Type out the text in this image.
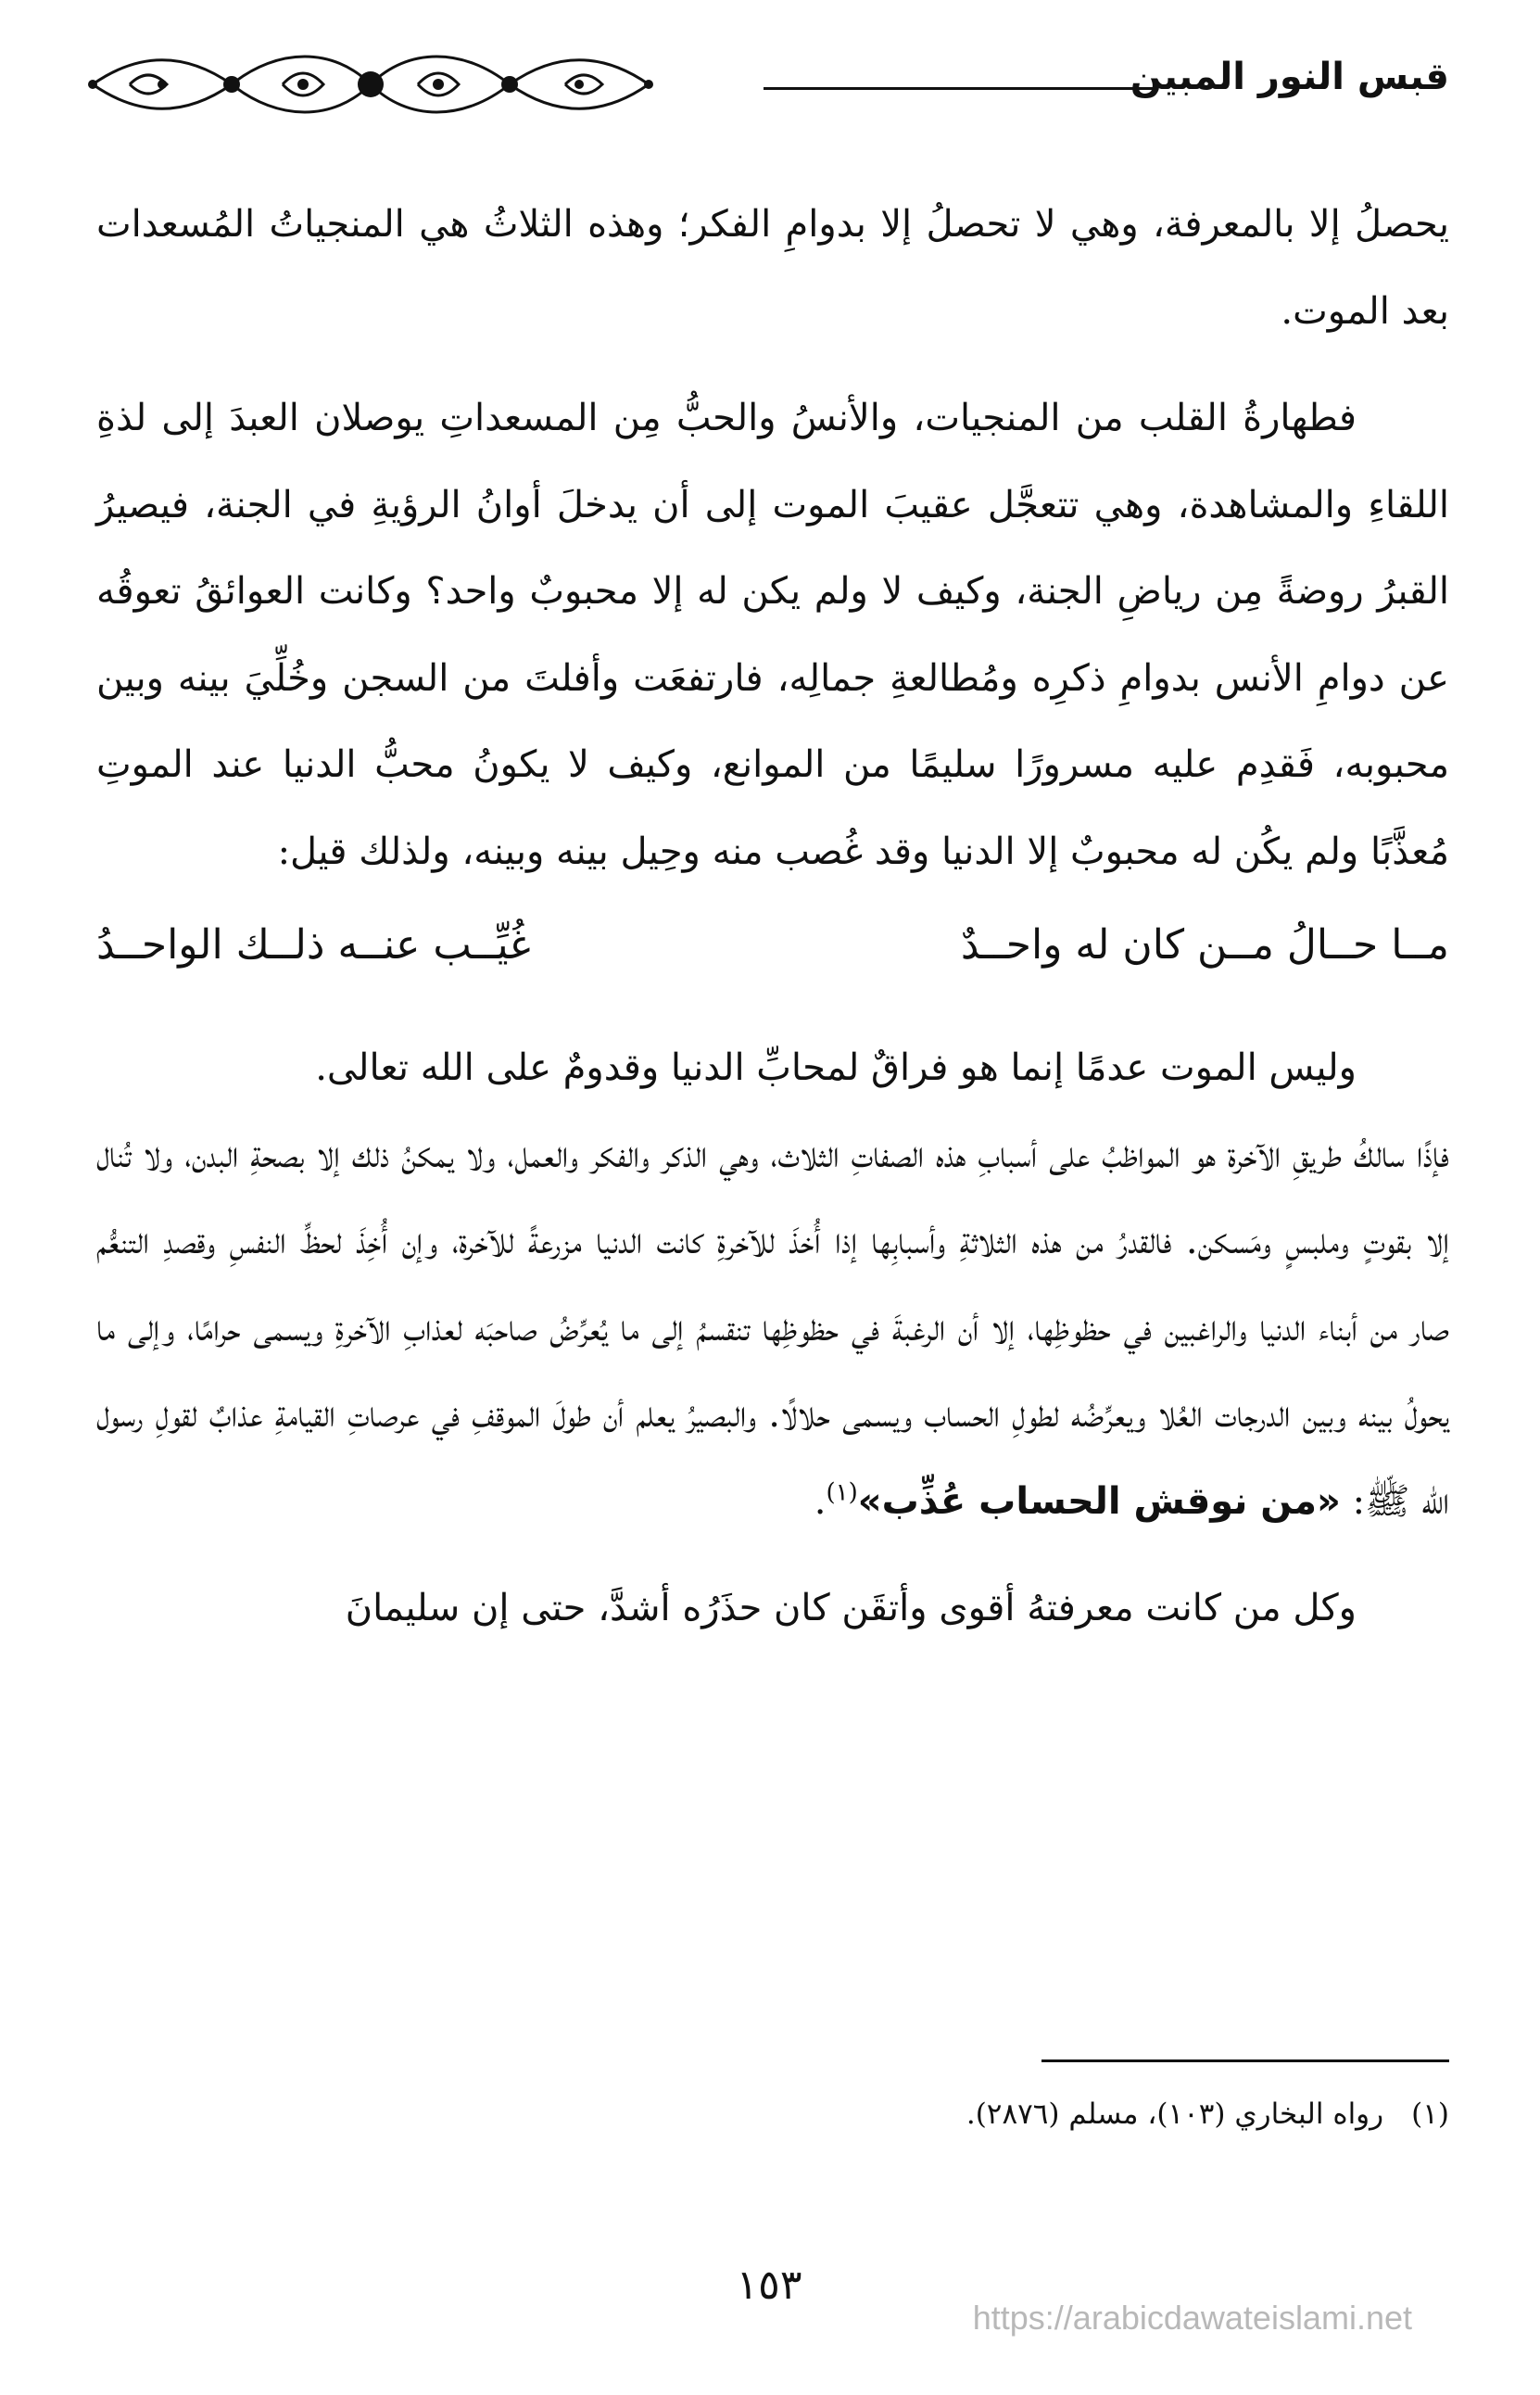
قبس النور المبين

يحصلُ إلا بالمعرفة، وهي لا تحصلُ إلا بدوامِ الفكر؛ وهذه الثلاثُ هي المنجياتُ المُسعدات بعد الموت.

فطهارةُ القلب من المنجيات، والأنسُ والحبُّ مِن المسعداتِ يوصلان العبدَ إلى لذةِ اللقاءِ والمشاهدة، وهي تتعجَّل عقيبَ الموت إلى أن يدخلَ أوانُ الرؤيةِ في الجنة، فيصيرُ القبرُ روضةً مِن رياضِ الجنة، وكيف لا ولم يكن له إلا محبوبٌ واحد؟ وكانت العوائقُ تعوقُه عن دوامِ الأنس بدوامِ ذكرِه ومُطالعةِ جمالِه، فارتفعَت وأفلتَ من السجن وخُلِّيَ بينه وبين محبوبه، فَقدِم عليه مسرورًا سليمًا من الموانع، وكيف لا يكونُ محبُّ الدنيا عند الموتِ مُعذَّبًا ولم يكُن له محبوبٌ إلا الدنيا وقد غُصب منه وحِيل بينه وبينه، ولذلك قيل:

مــا حــالُ مــن كان له واحــدٌ
غُيِّــب عنــه ذلــك الواحــدُ

وليس الموت عدمًا إنما هو فراقٌ لمحابِّ الدنيا وقدومٌ على الله تعالى.

فإذًا سالكُ طريقِ الآخرة هو المواظبُ على أسبابِ هذه الصفاتِ الثلاث، وهي الذكر والفكر والعمل، ولا يمكنُ ذلك إلا بصحةِ البدن، ولا تُنال إلا بقوتٍ وملبسٍ ومَسكن. فالقدرُ من هذه الثلاثةِ وأسبابِها إذا أُخذَ للآخرةِ كانت الدنيا مزرعةً للآخرة، وإن أُخِذَ لحظِّ النفسِ وقصدِ التنعُّم صار من أبناء الدنيا والراغبين في حظوظِها، إلا أن الرغبةَ في حظوظِها تنقسمُ إلى ما يُعرِّضُ صاحبَه لعذابِ الآخرةِ ويسمى حرامًا، وإلى ما يحولُ بينه وبين الدرجات العُلا ويعرِّضُه لطولِ الحساب ويسمى حلالًا. والبصيرُ يعلم أن طولَ الموقفِ في عرصاتِ القيامةِ عذابٌ لقولِ رسول الله ﷺ: «من نوقش الحساب عُذِّب»$^{(١)}$.

وكل من كانت معرفتهُ أقوى وأتقَن كان حذَرُه أشدَّ، حتى إن سليمانَ

(١)رواه البخاري (١٠٣)، مسلم (٢٨٧٦).
١٥٣
https://arabicdawateislami.net
